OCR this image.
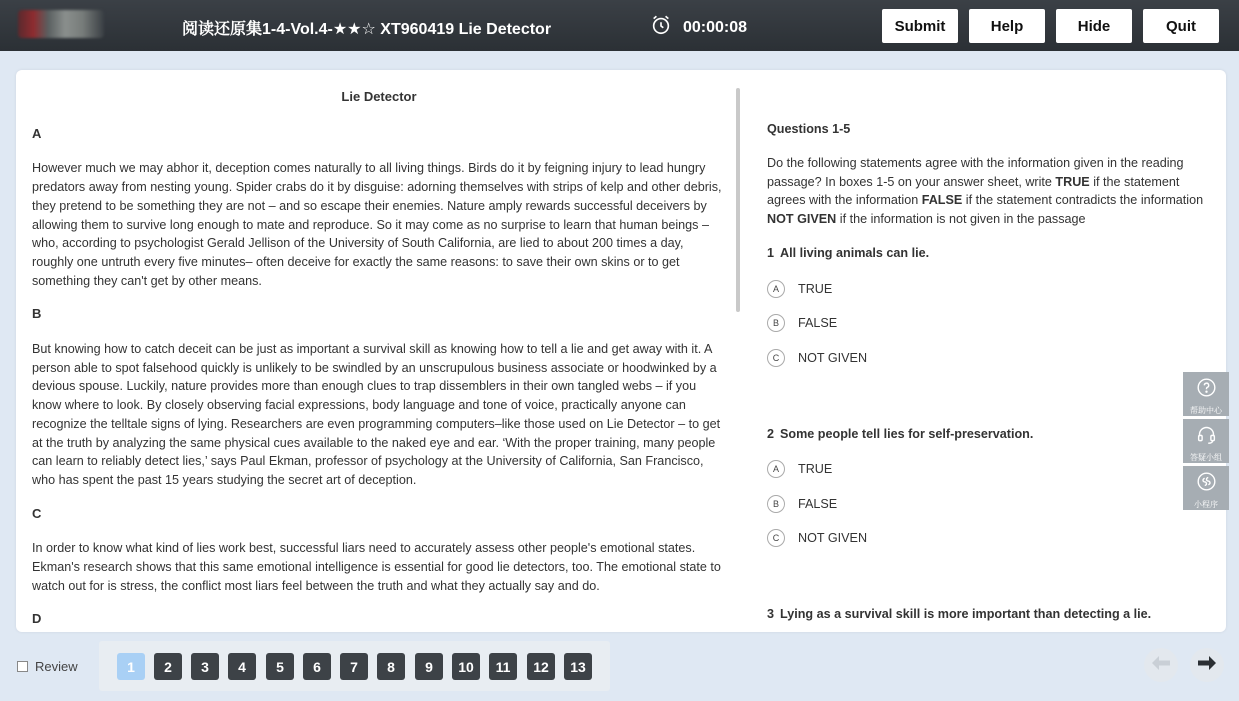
阅读还原集1-4-Vol.4-★★☆ XT960419 Lie Detector	00:00:08	Submit	Help	Hide	Quit
Lie Detector
A
However much we may abhor it, deception comes naturally to all living things. Birds do it by feigning injury to lead hungry predators away from nesting young. Spider crabs do it by disguise: adorning themselves with strips of kelp and other debris, they pretend to be something they are not – and so escape their enemies. Nature amply rewards successful deceivers by allowing them to survive long enough to mate and reproduce. So it may come as no surprise to learn that human beings – who, according to psychologist Gerald Jellison of the University of South California, are lied to about 200 times a day, roughly one untruth every five minutes– often deceive for exactly the same reasons: to save their own skins or to get something they can't get by other means.
B
But knowing how to catch deceit can be just as important a survival skill as knowing how to tell a lie and get away with it. A person able to spot falsehood quickly is unlikely to be swindled by an unscrupulous business associate or hoodwinked by a devious spouse. Luckily, nature provides more than enough clues to trap dissemblers in their own tangled webs – if you know where to look. By closely observing facial expressions, body language and tone of voice, practically anyone can recognize the telltale signs of lying. Researchers are even programming computers–like those used on Lie Detector – to get at the truth by analyzing the same physical cues available to the naked eye and ear. ‘With the proper training, many people can learn to reliably detect lies,’ says Paul Ekman, professor of psychology at the University of California, San Francisco, who has spent the past 15 years studying the secret art of deception.
C
In order to know what kind of lies work best, successful liars need to accurately assess other people's emotional states. Ekman's research shows that this same emotional intelligence is essential for good lie detectors, too. The emotional state to watch out for is stress, the conflict most liars feel between the truth and what they actually say and do.
D
Questions 1-5
Do the following statements agree with the information given in the reading passage? In boxes 1-5 on your answer sheet, write TRUE if the statement agrees with the information FALSE if the statement contradicts the information NOT GIVEN if the information is not given in the passage
1 All living animals can lie.
A	TRUE
B	FALSE
C	NOT GIVEN
2 Some people tell lies for self-preservation.
A	TRUE
B	FALSE
C	NOT GIVEN
3 Lying as a survival skill is more important than detecting a lie.
帮助中心
答疑小组
小程序
Review	1	2	3	4	5	6	7	8	9	10	11	12	13
